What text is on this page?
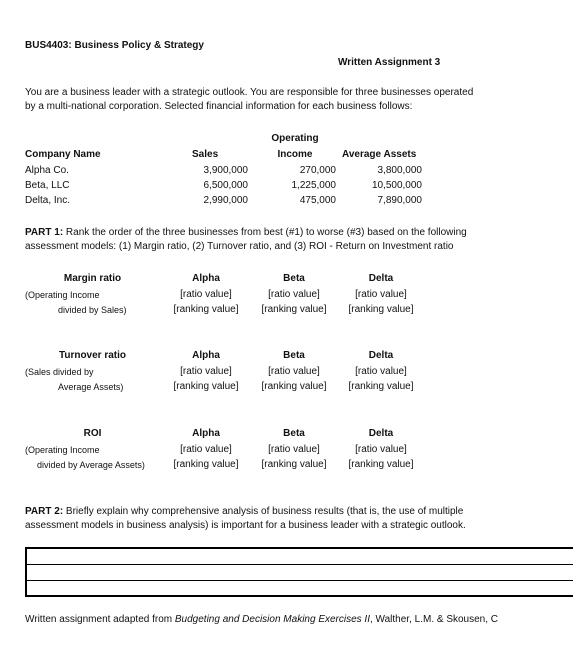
BUS4403: Business Policy & Strategy
Written Assignment 3
You are a business leader with a strategic outlook. You are responsible for three businesses operated
by a multi-national corporation. Selected financial information for each business follows:
Operating
Company Name	Sales	Income	Average Assets
Alpha Co.	3,900,000	270,000	3,800,000
Beta, LLC	6,500,000	1,225,000	10,500,000
Delta, Inc.	2,990,000	475,000	7,890,000
PART 1: Rank the order of the three businesses from best (#1) to worse (#3) based on the following
assessment models: (1) Margin ratio, (2) Turnover ratio, and (3) ROI - Return on Investment ratio
Margin ratio
(Operating Income
divided by Sales)
Alpha	Beta	Delta
[ratio value]	[ratio value]	[ratio value]
[ranking value]	[ranking value]	[ranking value]
Turnover ratio
(Sales divided by
Average Assets)
Alpha	Beta	Delta
[ratio value]	[ratio value]	[ratio value]
[ranking value]	[ranking value]	[ranking value]
ROI
(Operating Income
divided by Average Assets)
Alpha	Beta	Delta
[ratio value]	[ratio value]	[ratio value]
[ranking value]	[ranking value]	[ranking value]
PART 2: Briefly explain why comprehensive analysis of business results (that is, the use of multiple
assessment models in business analysis) is important for a business leader with a strategic outlook.
Written assignment adapted from Budgeting and Decision Making Exercises II, Walther, L.M. & Skousen, C
